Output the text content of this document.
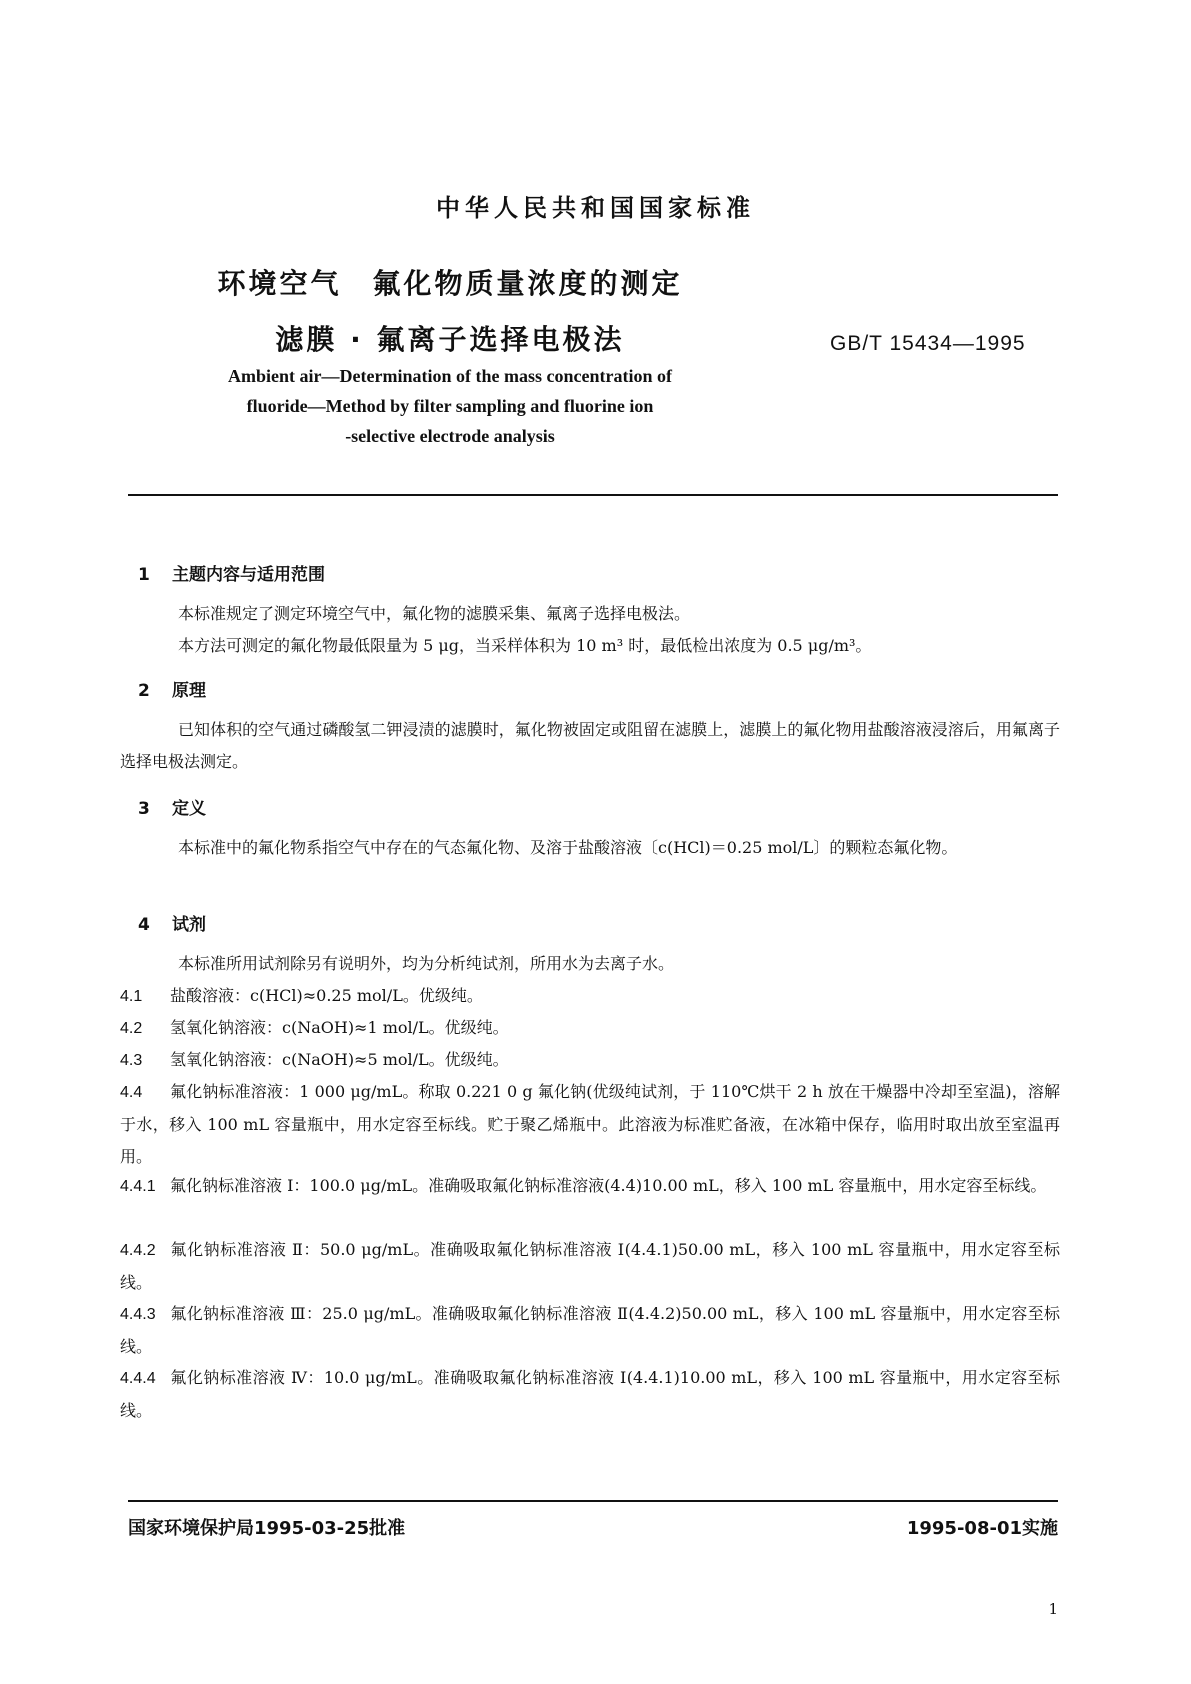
中华人民共和国国家标准
环境空气　氟化物质量浓度的测定
滤膜 · 氟离子选择电极法	GB/T 15434—1995
Ambient air—Determination of the mass concentration of
fluoride—Method by filter sampling and fluorine ion
-selective electrode analysis
1 主题内容与适用范围
本标准规定了测定环境空气中，氟化物的滤膜采集、氟离子选择电极法。
本方法可测定的氟化物最低限量为 5 μg，当采样体积为 10 m³ 时，最低检出浓度为 0.5 μg/m³。
2 原理
已知体积的空气通过磷酸氢二钾浸渍的滤膜时，氟化物被固定或阻留在滤膜上，滤膜上的氟化物用盐酸溶液浸溶后，用氟离子选择电极法测定。
3 定义
本标准中的氟化物系指空气中存在的气态氟化物、及溶于盐酸溶液〔c(HCl)＝0.25 mol/L〕的颗粒态氟化物。
4 试剂
本标准所用试剂除另有说明外，均为分析纯试剂，所用水为去离子水。
4.1 盐酸溶液：c(HCl)≈0.25 mol/L。优级纯。
4.2 氢氧化钠溶液：c(NaOH)≈1 mol/L。优级纯。
4.3 氢氧化钠溶液：c(NaOH)≈5 mol/L。优级纯。
4.4 氟化钠标准溶液：1 000 μg/mL。称取 0.221 0 g 氟化钠(优级纯试剂，于 110℃烘干 2 h 放在干燥器中冷却至室温)，溶解于水，移入 100 mL 容量瓶中，用水定容至标线。贮于聚乙烯瓶中。此溶液为标准贮备液，在冰箱中保存，临用时取出放至室温再用。
4.4.1 氟化钠标准溶液 Ⅰ：100.0 μg/mL。准确吸取氟化钠标准溶液(4.4)10.00 mL，移入 100 mL 容量瓶中，用水定容至标线。
4.4.2 氟化钠标准溶液 Ⅱ：50.0 μg/mL。准确吸取氟化钠标准溶液 Ⅰ(4.4.1)50.00 mL，移入 100 mL 容量瓶中，用水定容至标线。
4.4.3 氟化钠标准溶液 Ⅲ：25.0 μg/mL。准确吸取氟化钠标准溶液 Ⅱ(4.4.2)50.00 mL，移入 100 mL 容量瓶中，用水定容至标线。
4.4.4 氟化钠标准溶液 Ⅳ：10.0 μg/mL。准确吸取氟化钠标准溶液 Ⅰ(4.4.1)10.00 mL，移入 100 mL 容量瓶中，用水定容至标线。
国家环境保护局1995-03-25批准	1995-08-01实施
1
